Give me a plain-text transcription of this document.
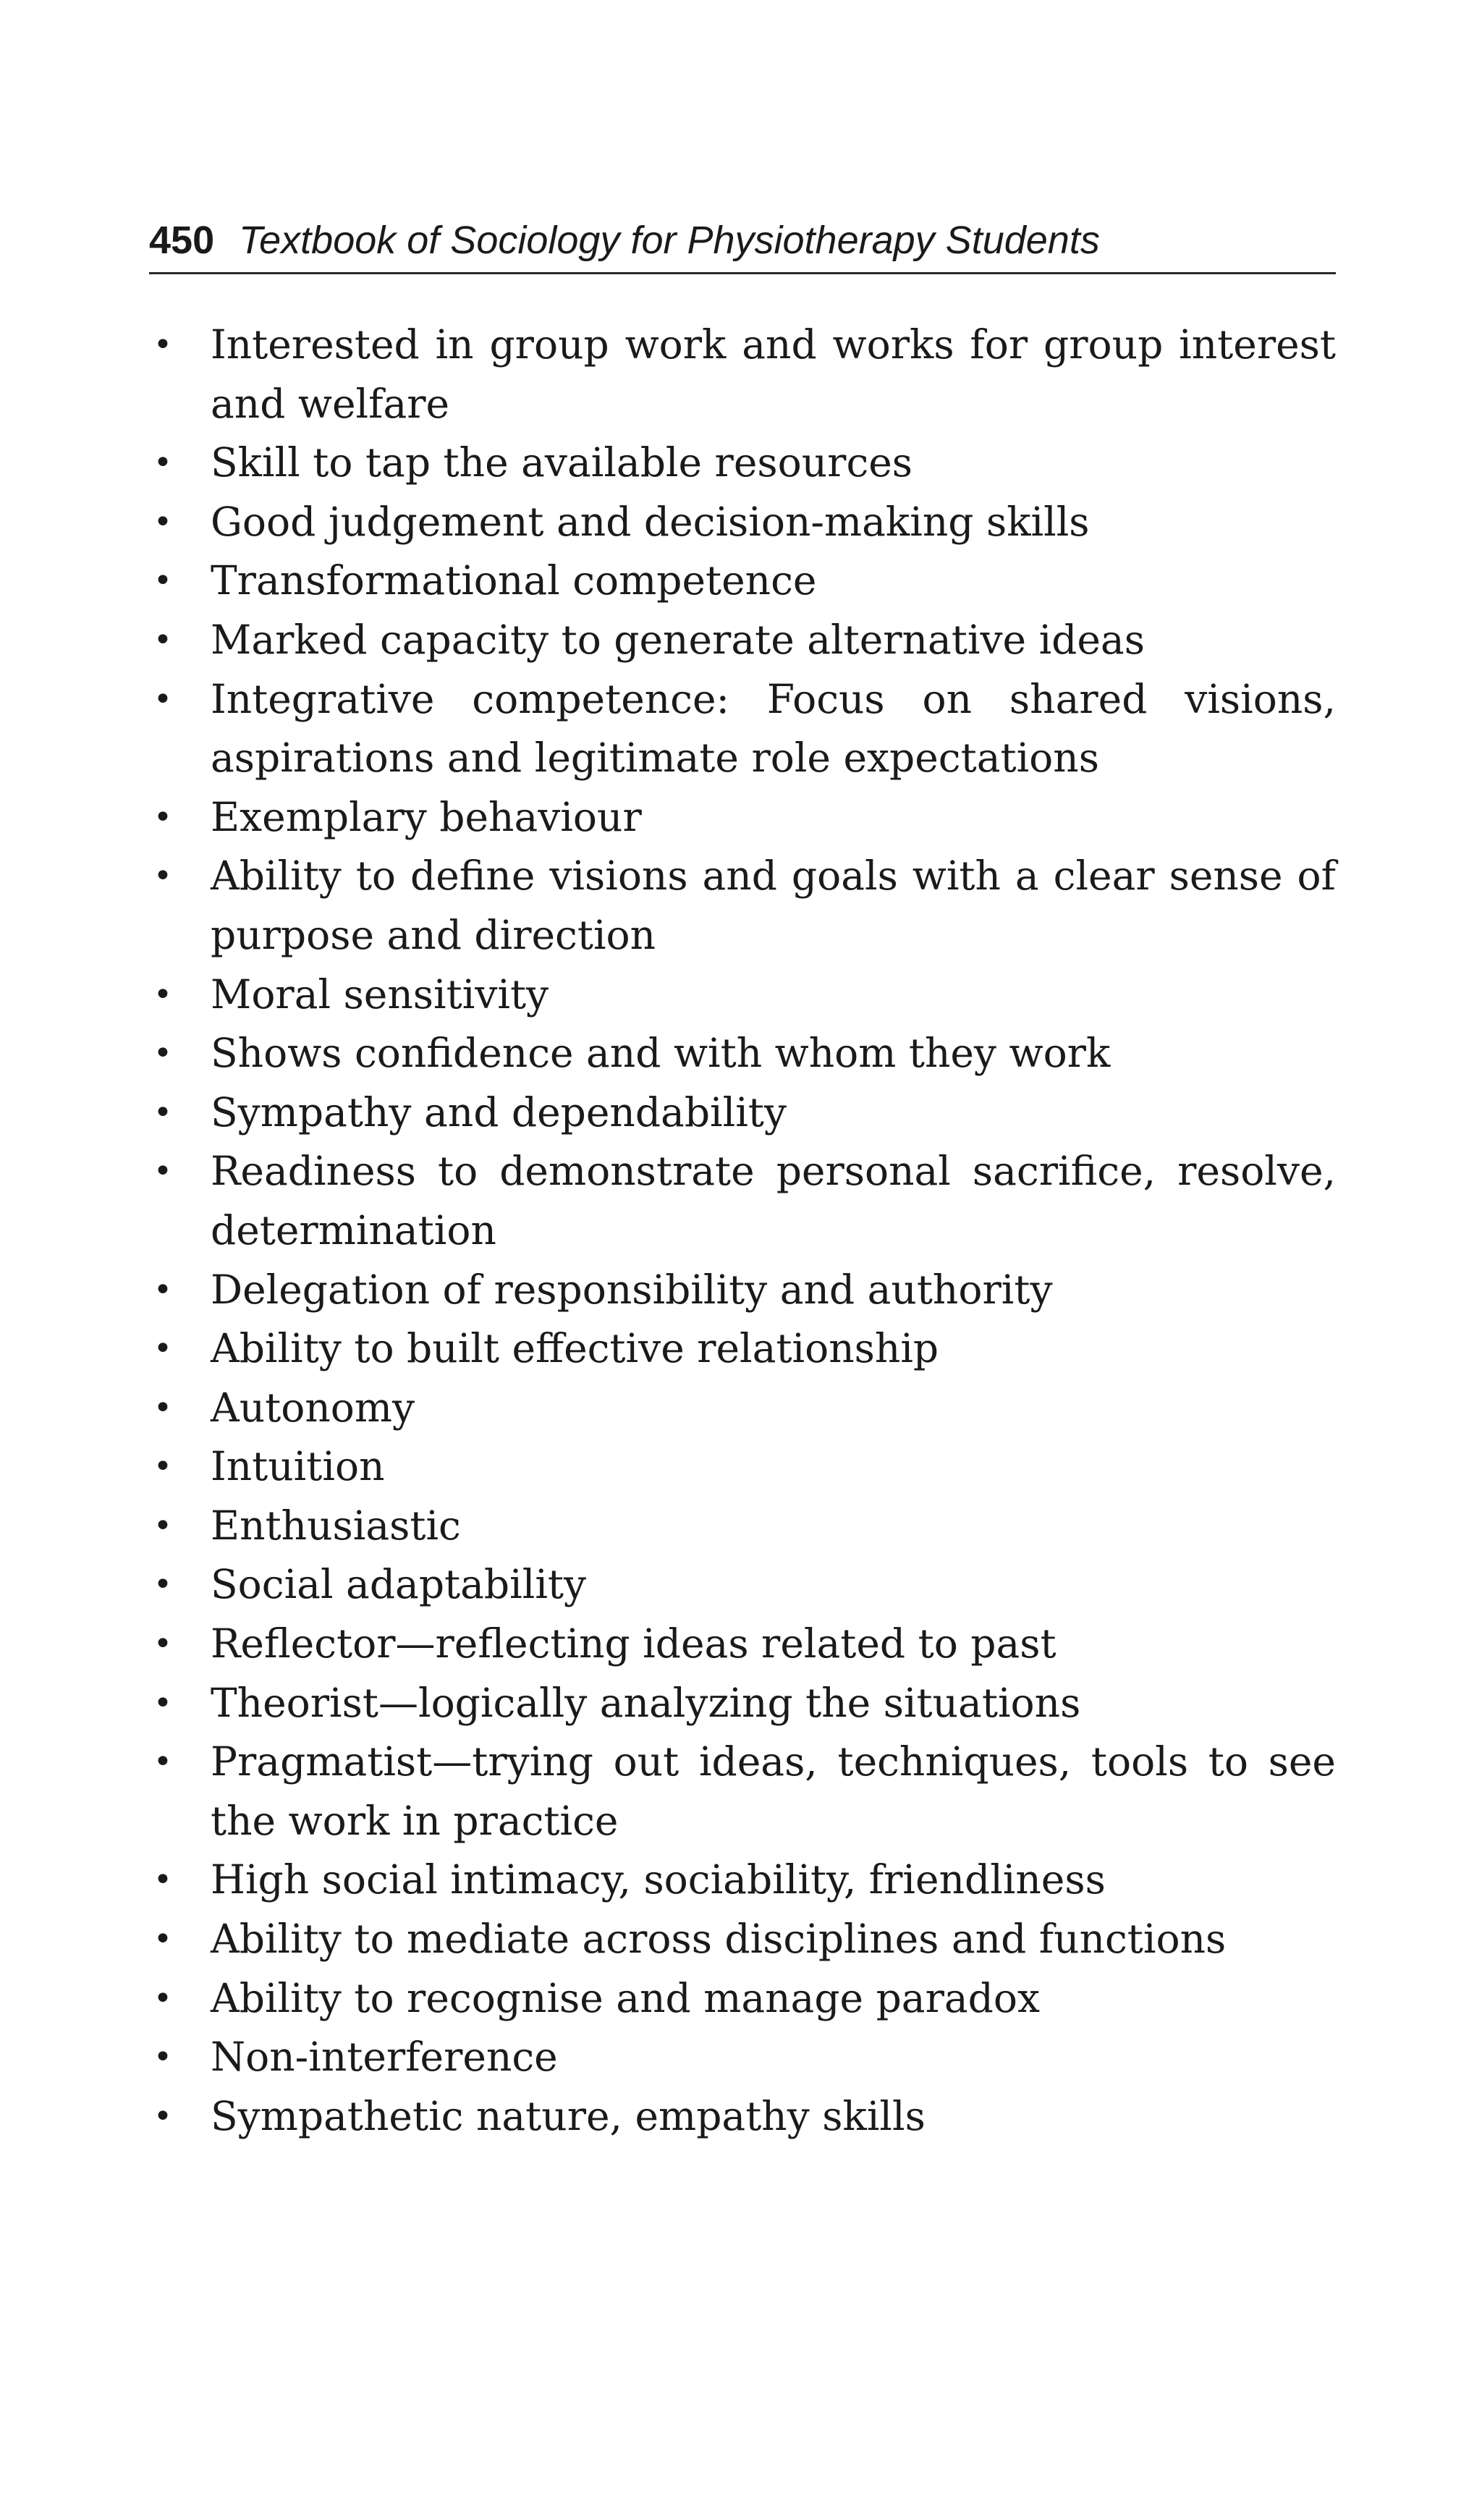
450 Textbook of Sociology for Physiotherapy Students
• Interested in group work and works for group interest and welfare
• Skill to tap the available resources
• Good judgement and decision-making skills
• Transformational competence
• Marked capacity to generate alternative ideas
• Integrative competence: Focus on shared visions, aspirations and legitimate role expectations
• Exemplary behaviour
• Ability to define visions and goals with a clear sense of purpose and direction
• Moral sensitivity
• Shows confidence and with whom they work
• Sympathy and dependability
• Readiness to demonstrate personal sacrifice, resolve, determination
• Delegation of responsibility and authority
• Ability to built effective relationship
• Autonomy
• Intuition
• Enthusiastic
• Social adaptability
• Reflector—reflecting ideas related to past
• Theorist—logically analyzing the situations
• Pragmatist—trying out ideas, techniques, tools to see the work in practice
• High social intimacy, sociability, friendliness
• Ability to mediate across disciplines and functions
• Ability to recognise and manage paradox
• Non-interference
• Sympathetic nature, empathy skills
